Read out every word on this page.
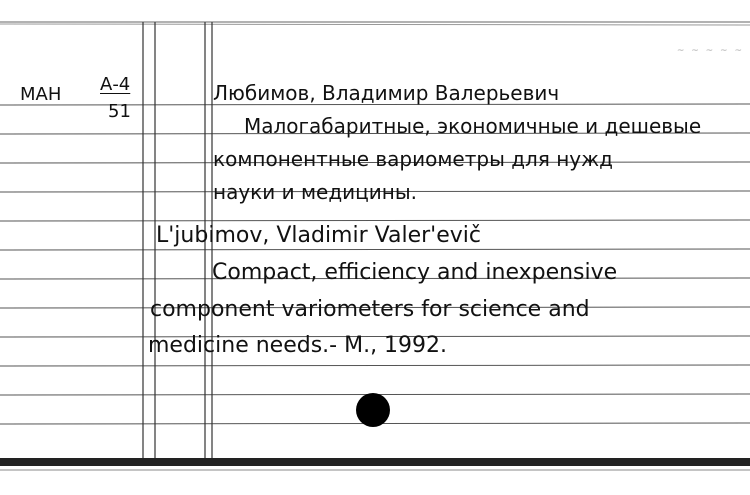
~ ~ ~ ~ ~
МАН А-4
51
Любимов, Владимир Валерьевич
Малогабаритные, экономичные и дешевые
компонентные вариометры для нужд
науки и медицины.
L'jubimov, Vladimir Valer'evič
Compact, efficiency and inexpensive
component variometers for science and
medicine needs.- M., 1992.
